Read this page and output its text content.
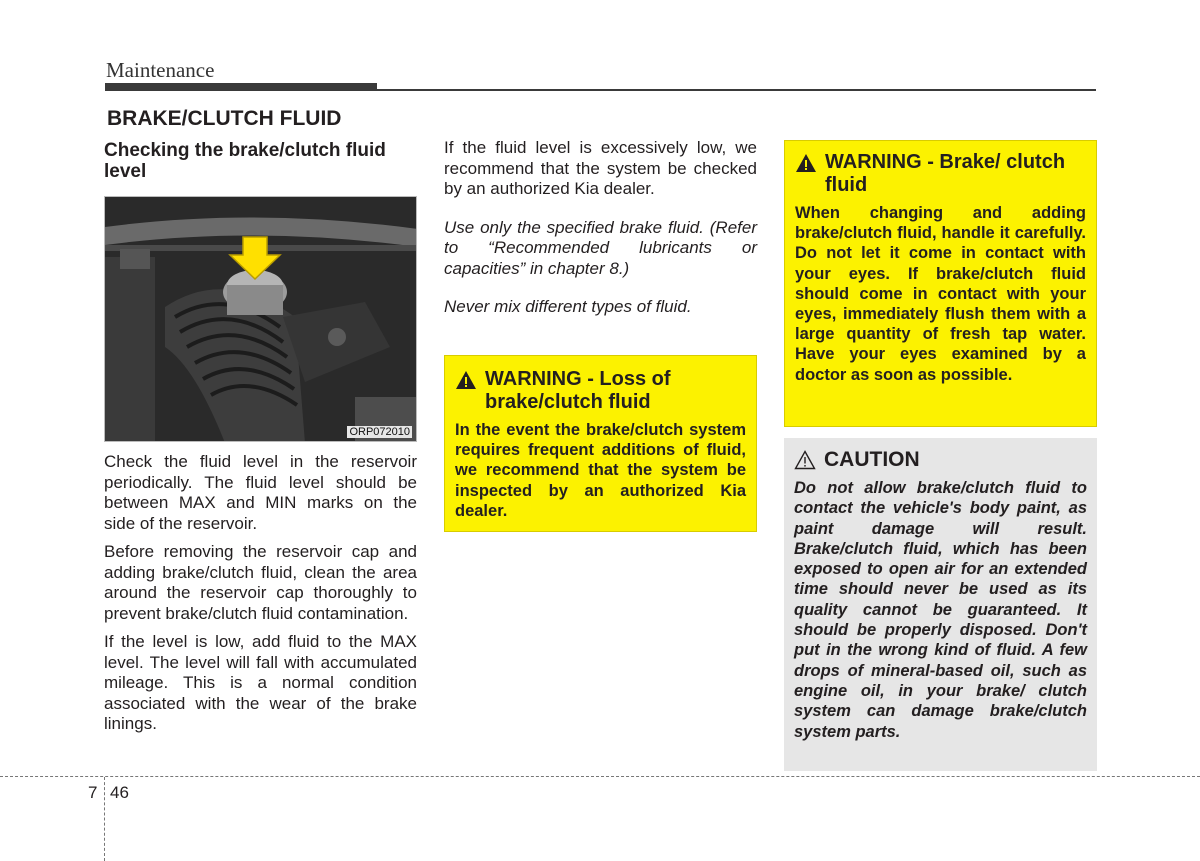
Maintenance
BRAKE/CLUTCH FLUID
Checking the brake/clutch fluid level
ORP072010

Check the fluid level in the reservoir periodically. The fluid level should be between MAX and MIN marks on the side of the reservoir.

Before removing the reservoir cap and adding brake/clutch fluid, clean the area around the reservoir cap thoroughly to prevent brake/clutch fluid contamination.

If the level is low, add fluid to the MAX level. The level will fall with accumulated mileage. This is a normal condition associated with the wear of the brake linings.

If the fluid level is excessively low, we recommend that the system be checked by an authorized Kia dealer.

Use only the specified brake fluid. (Refer to “Recommended lubricants or capacities” in chapter 8.)

Never mix different types of fluid.

WARNING - Loss of brake/clutch fluid
In the event the brake/clutch system requires frequent additions of fluid, we recommend that the system be inspected by an authorized Kia dealer.
WARNING - Brake/ clutch fluid
When changing and adding brake/clutch fluid, handle it carefully. Do not let it come in contact with your eyes. If brake/clutch fluid should come in contact with your eyes, immediately flush them with a large quantity of fresh tap water. Have your eyes examined by a doctor as soon as possible.
CAUTION
Do not allow brake/clutch fluid to contact the vehicle's body paint, as paint damage will result. Brake/clutch fluid, which has been exposed to open air for an extended time should never be used as its quality cannot be guaranteed. It should be properly disposed. Don't put in the wrong kind of fluid. A few drops of mineral-based oil, such as engine oil, in your brake/ clutch system can damage brake/clutch system parts.
7 46
